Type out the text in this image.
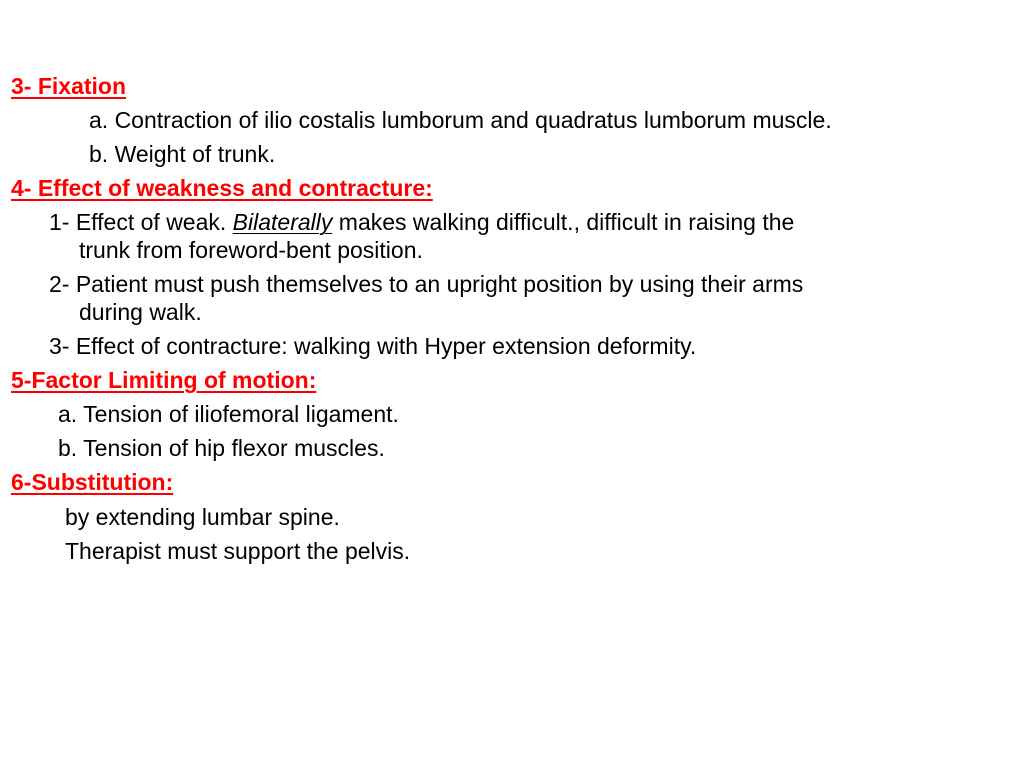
3- Fixation
a. Contraction of ilio costalis lumborum and quadratus lumborum muscle.
b. Weight of trunk.
4- Effect of weakness and contracture:
1- Effect of weak. Bilaterally makes walking difficult., difficult in raising the
trunk from foreword-bent position.
2- Patient must push themselves to an upright position by using their arms
during walk.
3- Effect of contracture: walking with Hyper extension deformity.
5-Factor Limiting of motion:
a. Tension of iliofemoral ligament.
b. Tension of hip flexor muscles.
6-Substitution:
by extending lumbar spine.
Therapist must support the pelvis.
